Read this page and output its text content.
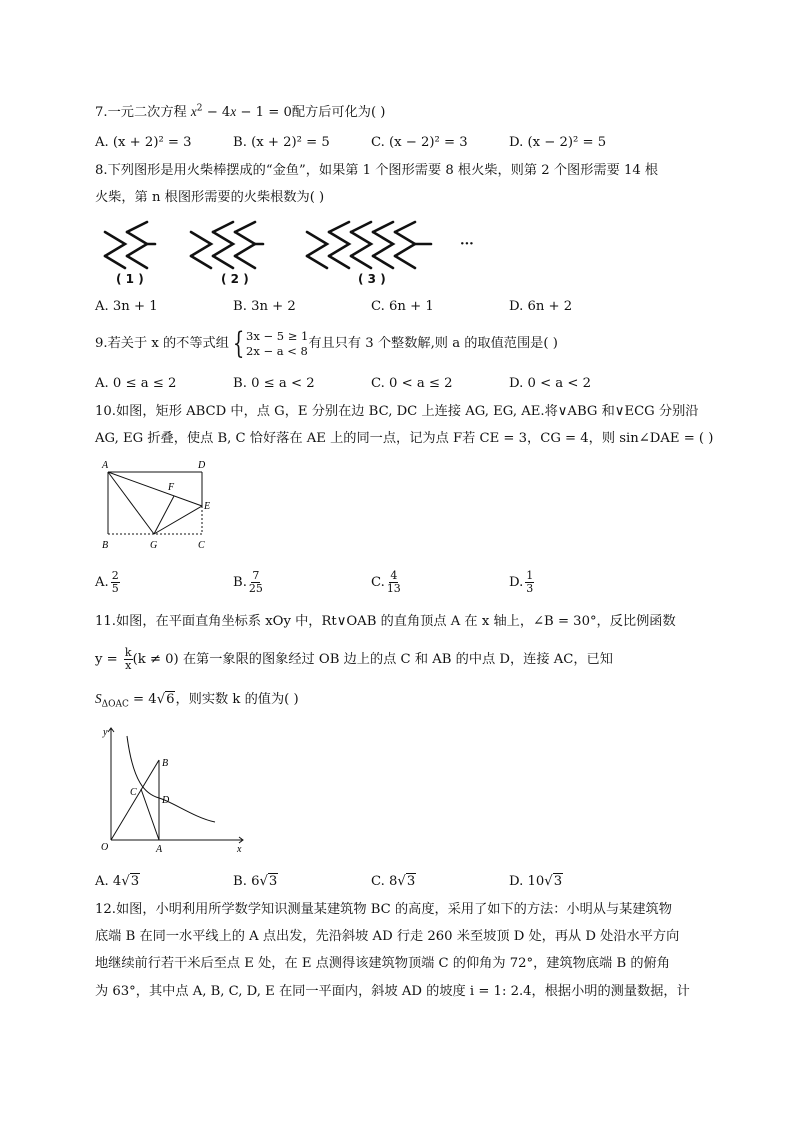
7.一元二次方程 $x^2 - 4x - 1 = 0$配方后可化为( )
A. (x + 2)² = 3	B. (x + 2)² = 5	C. (x − 2)² = 3	D. (x − 2)² = 5
8.下列图形是用火柴棒摆成的“金鱼”，如果第 1 个图形需要 8 根火柴，则第 2 个图形需要 14 根
火柴，第 n 根图形需要的火柴根数为( )
( 1 )	( 2 )	( 3 )
···
A. 3n + 1	B. 3n + 2	C. 6n + 1	D. 6n + 2
9.若关于 x 的不等式组 { 3x − 5 ≥ 1
2x − a < 8 有且只有 3 个整数解,则 a 的取值范围是( )
A. 0 ≤ a ≤ 2	B. 0 ≤ a < 2	C. 0 < a ≤ 2	D. 0 < a < 2
10.如图，矩形 ABCD 中，点 G，E 分别在边 BC, DC 上连接 AG, EG, AE.将∨ABG 和∨ECG 分别沿
AG, EG 折叠，使点 B, C 恰好落在 AE 上的同一点，记为点 F若 CE = 3，CG = 4，则 sin∠DAE = ( )
A	D
B	C
G
E
F
A. $\frac{2}{5}$	B. $\frac{7}{25}$	C. $\frac{4}{13}$	D. $\frac{1}{3}$
11.如图，在平面直角坐标系 xOy 中，Rt∨OAB 的直角顶点 A 在 x 轴上，∠B = 30°，反比例函数
$y = \frac{k}{x} (k \ne 0)$ 在第一象限的图象经过 OB 边上的点 C 和 AB 的中点 D，连接 AC，已知
$S_{\Delta OAC} = 4√6$，则实数 k 的值为( )
y
x
O	A
B
C
D
A. 4√3	B. 6√3	C. 8√3	D. 10√3
12.如图，小明利用所学数学知识测量某建筑物 BC 的高度，采用了如下的方法：小明从与某建筑物
底端 B 在同一水平线上的 A 点出发，先沿斜坡 AD 行走 260 米至坡顶 D 处，再从 D 处沿水平方向
地继续前行若干米后至点 E 处，在 E 点测得该建筑物顶端 C 的仰角为 72°，建筑物底端 B 的俯角
为 63°，其中点 A, B, C, D, E 在同一平面内，斜坡 AD 的坡度 i = 1: 2.4，根据小明的测量数据，计
